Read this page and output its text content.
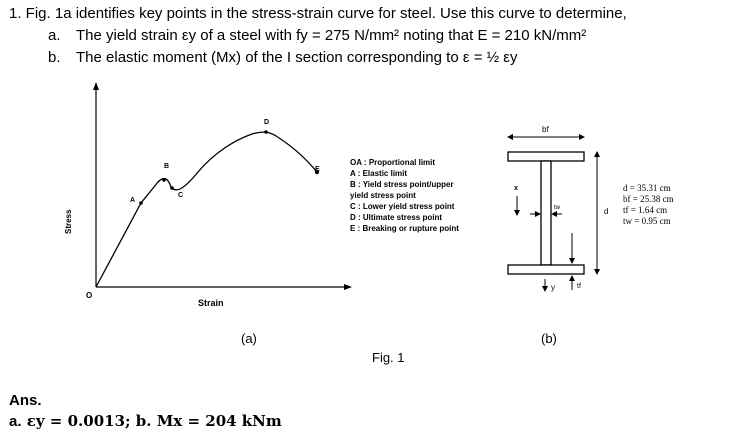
1. Fig. 1a identifies key points in the stress-strain curve for steel. Use this curve to determine,
a. The yield strain εy of a steel with fy = 275 N/mm² noting that E = 210 kN/mm²
b. The elastic moment (Mx) of the I section corresponding to ε = ½ εy
Stress
Strain
O
A
B
C
D
E
(a)
OA : Proportional limit
A : Elastic limit
B : Yield stress point/upper
yield stress point
C : Lower yield stress point
D : Ultimate stress point
E : Breaking or rupture point
bf
x
tw
y	tf
d
d = 35.31 cm
bf = 25.38 cm
tf = 1.64 cm
tw = 0.95 cm
(b)
Fig. 1
Ans.
a. εy = 0.0013; b. Mx = 204 kNm
